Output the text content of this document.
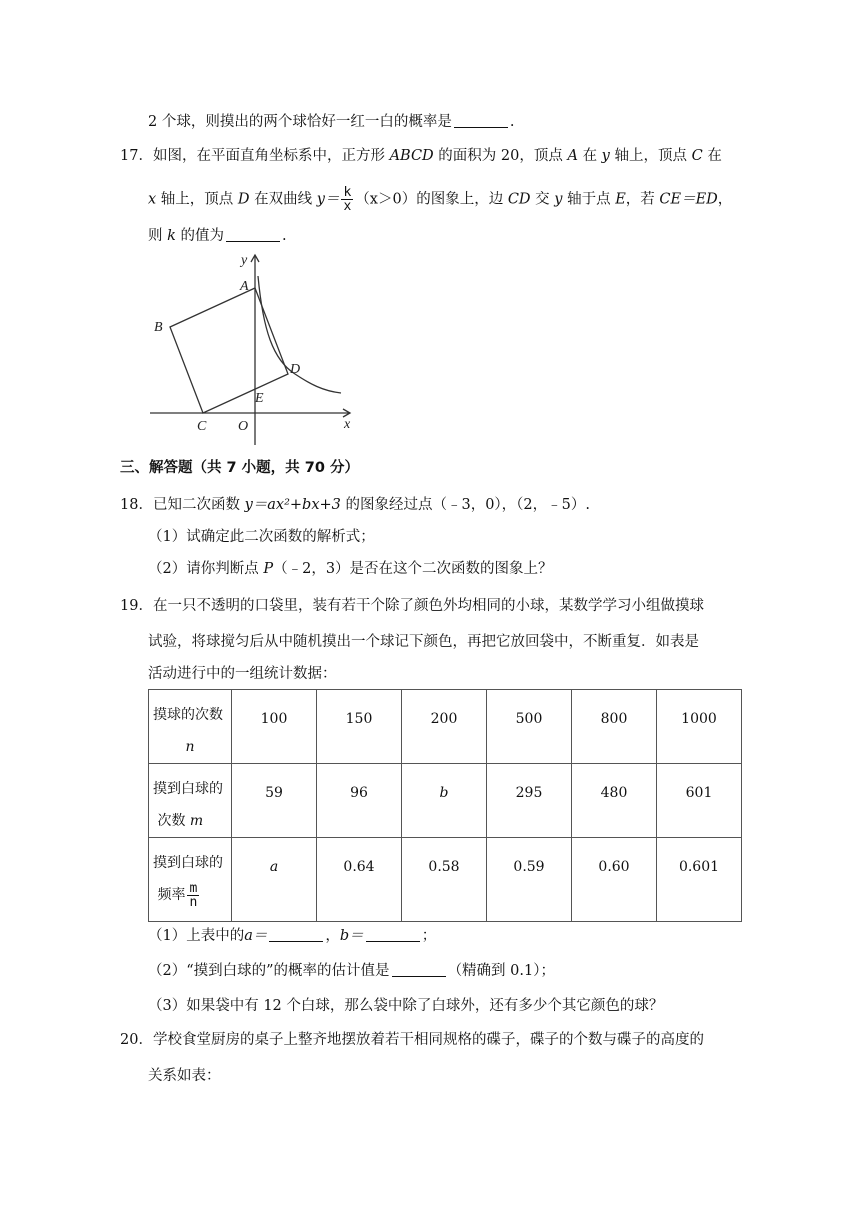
2 个球，则摸出的两个球恰好一红一白的概率是	.
17．如图，在平面直角坐标系中，正方形 ABCD 的面积为 20，顶点 A 在 y 轴上，顶点 C 在
x 轴上，顶点 D 在双曲线 $y= \frac{k}{x} (x>0)$的图象上，边 CD 交 y 轴于点 E，若 CE＝ED，
则 k 的值为	.
y
A
B
D
E
C O	x
三、解答题（共 7 小题，共 70 分）
18．已知二次函数 y＝ax²+bx+3 的图象经过点（﹣3，0），（2，﹣5）.
（1）试确定此二次函数的解析式；
（2）请你判断点 P（﹣2，3）是否在这个二次函数的图象上？
19．在一只不透明的口袋里，装有若干个除了颜色外均相同的小球，某数学学习小组做摸球
试验，将球搅匀后从中随机摸出一个球记下颜色，再把它放回袋中，不断重复．如表是
活动进行中的一组统计数据：
摸球的次数
n	100	150	200	500	800	1000
摸到白球的
次数 m	59	96	b	295	480	601
摸到白球的
频率 $\frac{m}{n}$	a	0.64	0.58	0.59	0.60	0.601
（1）上表中的a＝	，b＝	；
（2）“摸到白球的”的概率的估计值是	（精确到 0.1）；
（3）如果袋中有 12 个白球，那么袋中除了白球外，还有多少个其它颜色的球？
20．学校食堂厨房的桌子上整齐地摆放着若干相同规格的碟子，碟子的个数与碟子的高度的
关系如表：
